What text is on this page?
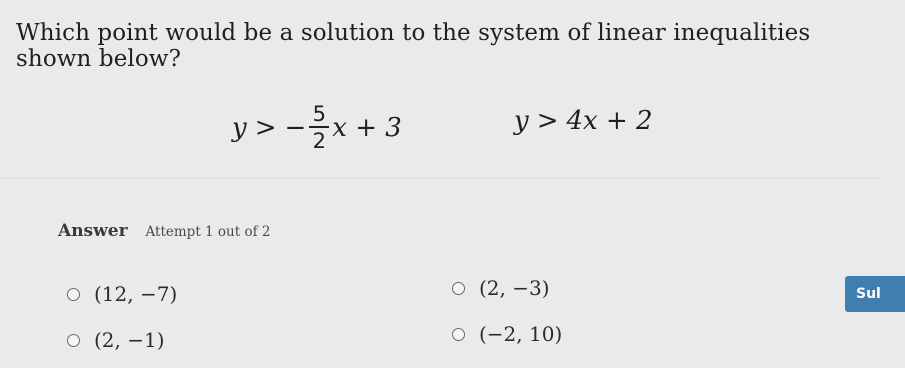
Which point would be a solution to the system of linear inequalities shown below?
y > − $\frac{5}{2}$ x + 3	y > 4x + 2
Answer Attempt 1 out of 2
(12, −7)	(2, −3)
(2, −1)	(−2, 10)
Sul
